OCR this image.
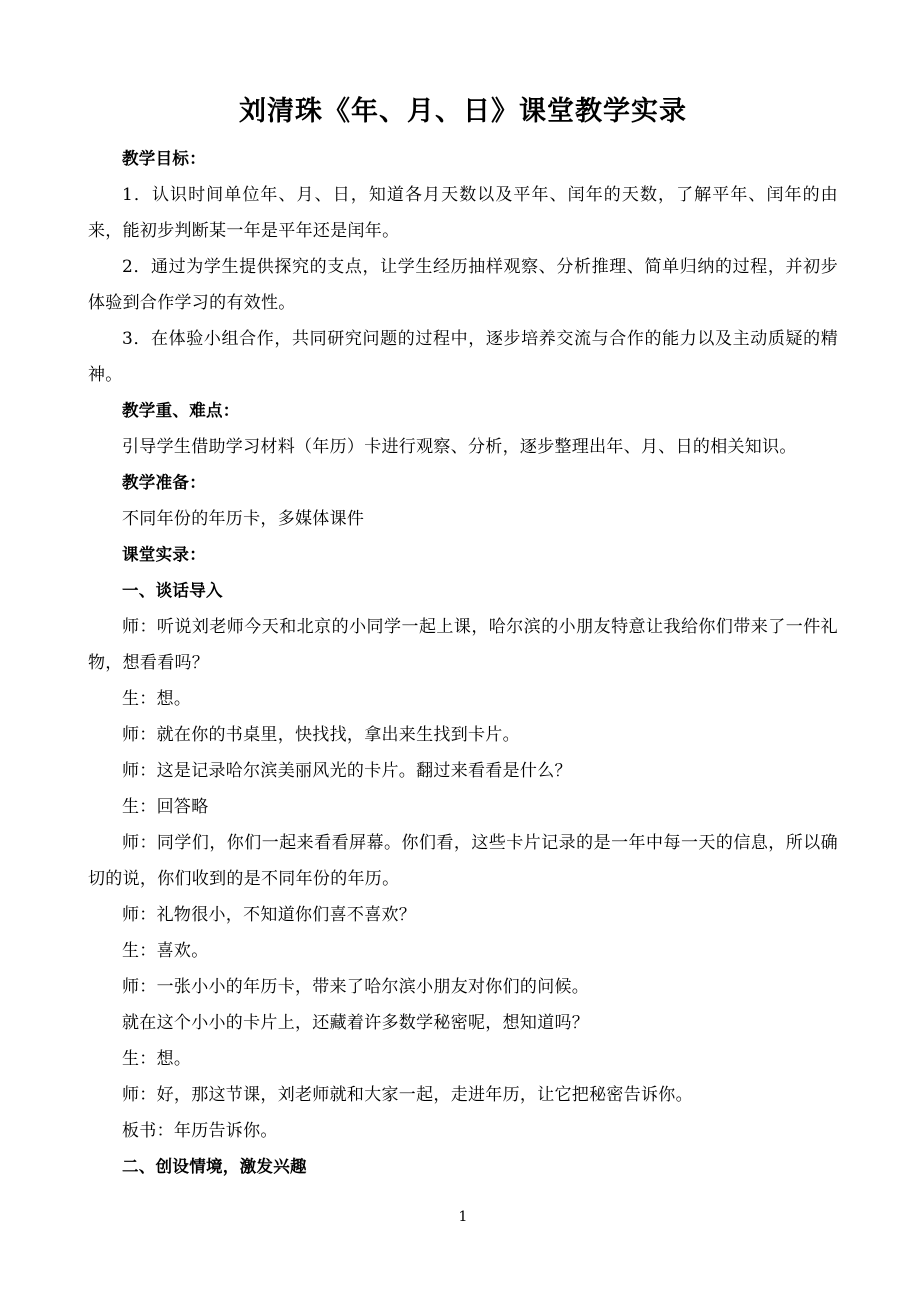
刘清珠《年、月、日》课堂教学实录

教学目标：

1．认识时间单位年、月、日，知道各月天数以及平年、闰年的天数，了解平年、闰年的由来，能初步判断某一年是平年还是闰年。

2．通过为学生提供探究的支点，让学生经历抽样观察、分析推理、简单归纳的过程，并初步体验到合作学习的有效性。

3．在体验小组合作，共同研究问题的过程中，逐步培养交流与合作的能力以及主动质疑的精神。

教学重、难点：

引导学生借助学习材料（年历）卡进行观察、分析，逐步整理出年、月、日的相关知识。

教学准备：

不同年份的年历卡，多媒体课件

课堂实录：

一、谈话导入

师：听说刘老师今天和北京的小同学一起上课，哈尔滨的小朋友特意让我给你们带来了一件礼物，想看看吗？

生：想。

师：就在你的书桌里，快找找，拿出来生找到卡片。

师：这是记录哈尔滨美丽风光的卡片。翻过来看看是什么？

生：回答略

师：同学们，你们一起来看看屏幕。你们看，这些卡片记录的是一年中每一天的信息，所以确切的说，你们收到的是不同年份的年历。

师：礼物很小，不知道你们喜不喜欢？

生：喜欢。

师：一张小小的年历卡，带来了哈尔滨小朋友对你们的问候。

就在这个小小的卡片上，还藏着许多数学秘密呢，想知道吗？

生：想。

师：好，那这节课，刘老师就和大家一起，走进年历，让它把秘密告诉你。

板书：年历告诉你。

二、创设情境，激发兴趣

1
